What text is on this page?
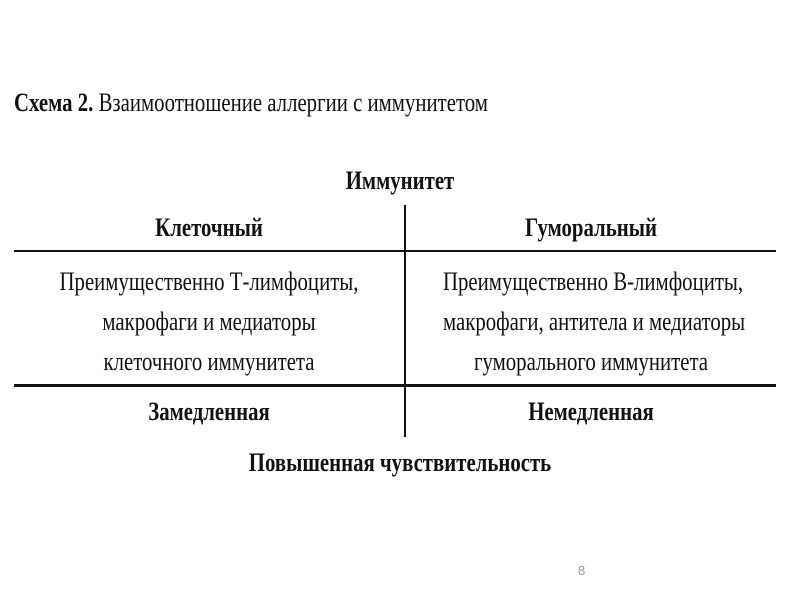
Схема 2. Взаимоотношение аллергии с иммунитетом
Иммунитет
Клеточный	Гуморальный
Преимущественно Т-лимфоциты,
макрофаги и медиаторы
клеточного иммунитета
Преимущественно В-лимфоциты,
макрофаги, антитела и медиаторы
гуморального иммунитета
Замедленная	Немедленная
Повышенная чувствительность
8
